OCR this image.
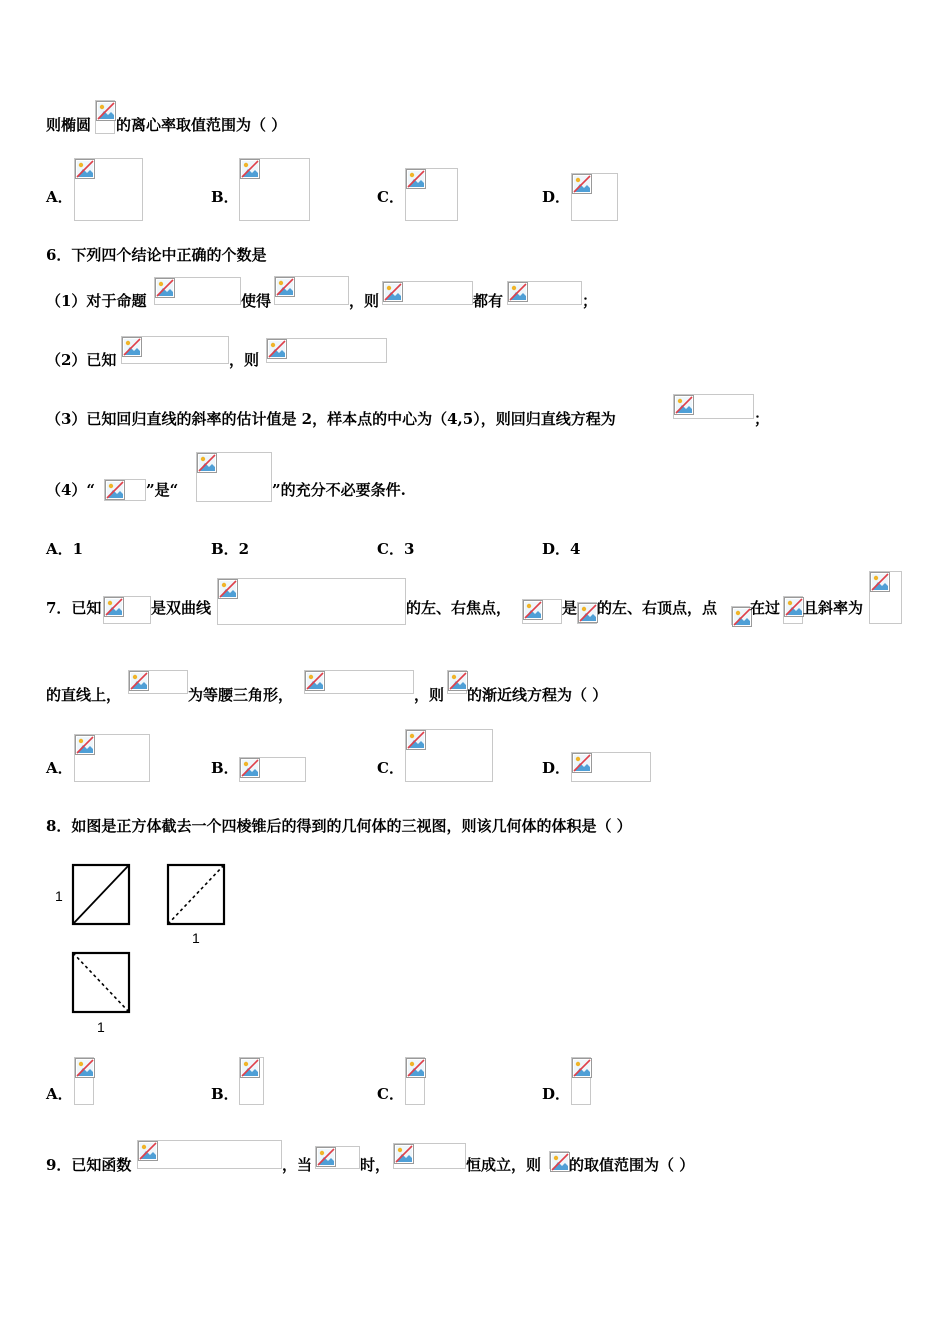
则椭圆 的离心率取值范围为（ ）
A．	B．	C．	D．
6．下列四个结论中正确的个数是
（1）对于命题	使得	，则	都有	；
（2）已知	，则
（3）已知回归直线的斜率的估计值是 2，样本点的中心为（4,5），则回归直线方程为	；
（4）“	”是“	”的充分不必要条件.
A．1	B．2	C．3	D．4
7．已知	是双曲线	的左、右焦点，	是 的左、右顶点，点 在过 且斜率为
的直线上，	为等腰三角形，	，则 的渐近线方程为（ ）
A．	B．	C．	D．
8．如图是正方体截去一个四棱锥后的得到的几何体的三视图，则该几何体的体积是（ ）
1
1
1
A．	B．	C．	D．
9．已知函数	，当	时，	恒成立，则 的取值范围为（ ）
